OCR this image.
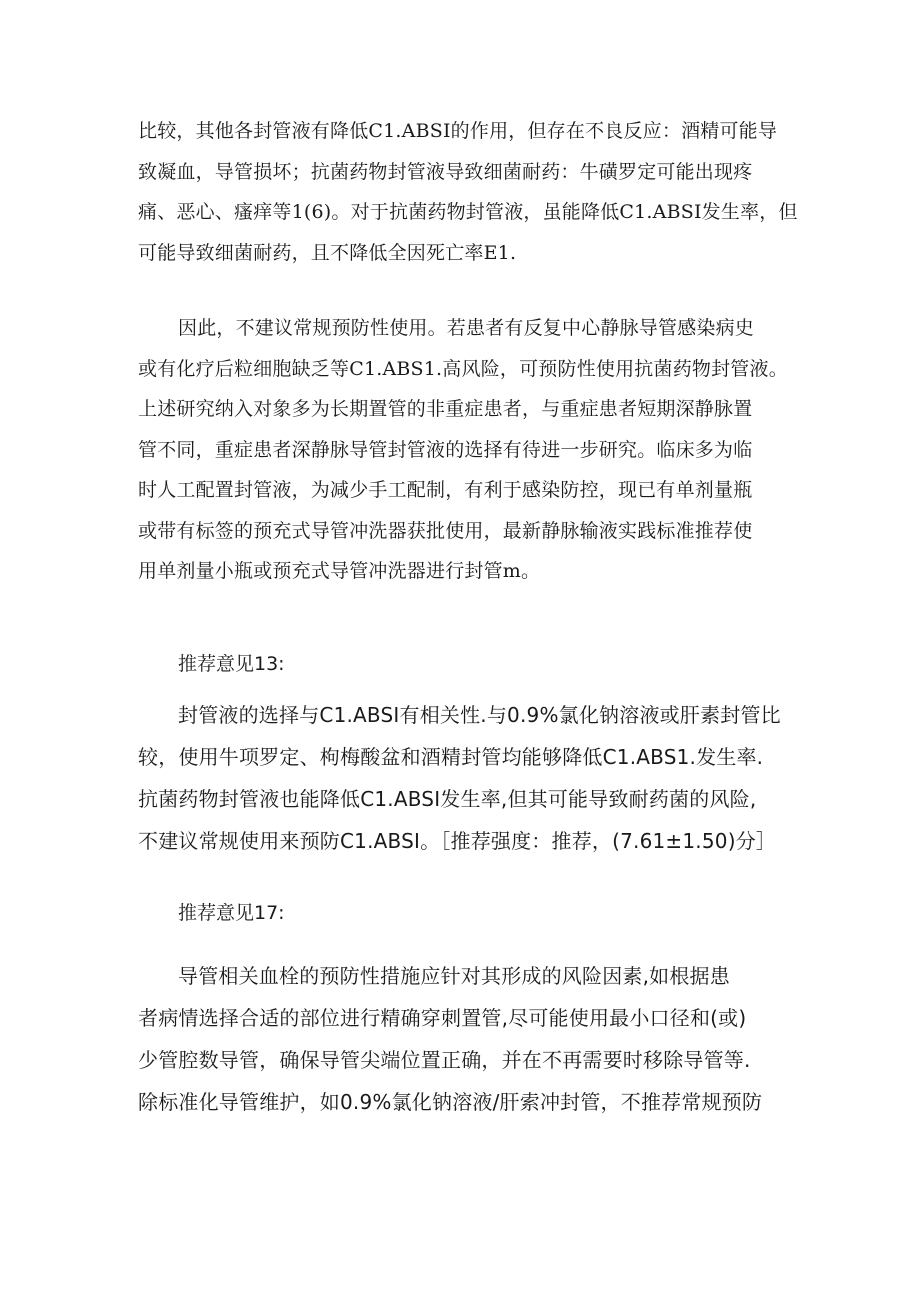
比较，其他各封管液有降低C1.ABSI的作用，但存在不良反应：酒精可能导
致凝血，导管损坏；抗菌药物封管液导致细菌耐药：牛磺罗定可能出现疼
痛、恶心、瘙痒等1(6)。对于抗菌药物封管液，虽能降低C1.ABSI发生率，但
可能导致细菌耐药，且不降低全因死亡率E1.
因此，不建议常规预防性使用。若患者有反复中心静脉导管感染病史
或有化疗后粒细胞缺乏等C1.ABS1.高风险，可预防性使用抗菌药物封管液。
上述研究纳入对象多为长期置管的非重症患者，与重症患者短期深静脉置
管不同，重症患者深静脉导管封管液的选择有待进一步研究。临床多为临
时人工配置封管液，为减少手工配制，有利于感染防控，现已有单剂量瓶
或带有标签的预充式导管冲洗器获批使用，最新静脉输液实践标准推荐使
用单剂量小瓶或预充式导管冲洗器进行封管m。
推荐意见13:
封管液的选择与C1.ABSI有相关性.与0.9%氯化钠溶液或肝素封管比
较，使用牛项罗定、枸梅酸盆和酒精封管均能够降低C1.ABS1.发生率.
抗菌药物封管液也能降低C1.ABSI发生率,但其可能导致耐药菌的风险,
不建议常规使用来预防C1.ABSI。［推荐强度：推荐，(7.61±1.50)分］
推荐意见17:
导管相关血栓的预防性措施应针对其形成的风险因素,如根据患
者病情选择合适的部位进行精确穿刺置管,尽可能使用最小口径和(或)
少管腔数导管，确保导管尖端位置正确，并在不再需要时移除导管等.
除标准化导管维护，如0.9%氯化钠溶液/肝索冲封管，不推荐常规预防
